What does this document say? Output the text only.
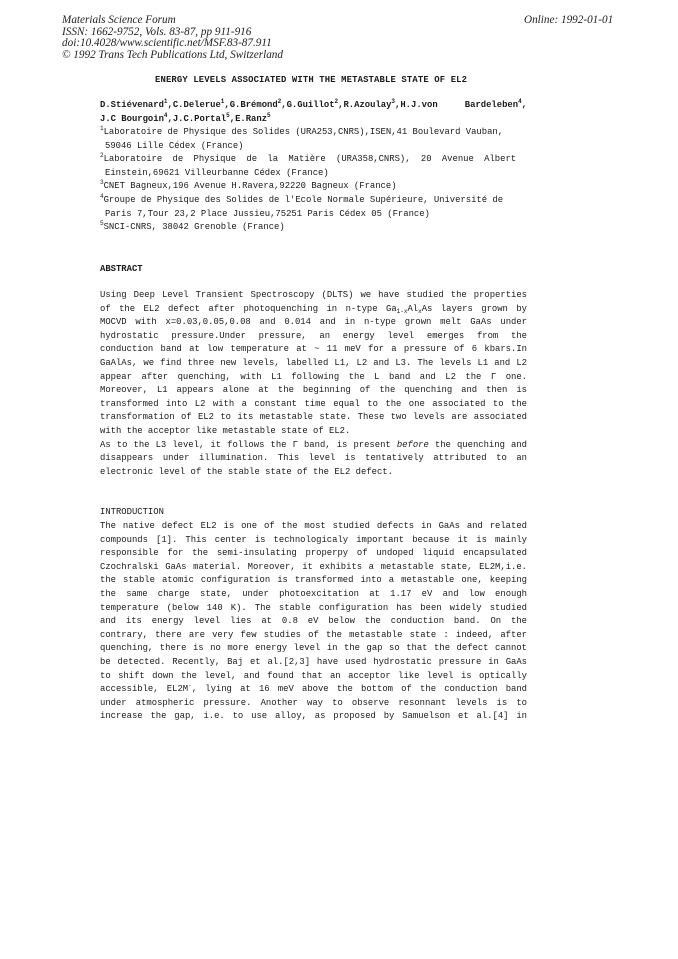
Materials Science Forum
ISSN: 1662-9752, Vols. 83-87, pp 911-916
doi:10.4028/www.scientific.net/MSF.83-87.911
© 1992 Trans Tech Publications Ltd, Switzerland
Online: 1992-01-01
ENERGY LEVELS ASSOCIATED WITH THE METASTABLE STATE OF EL2
D.Stiévenard$^1$,C.Delerue$^1$,G.Brémond$^2$,G.Guillot$^2$,R.Azoulay$^3$,H.J.von Bardeleben$^4$,
J.C Bourgoin$^4$,J.C.Portal$^5$,E.Ranz$^5$
$^1$Laboratoire de Physique des Solides (URA253,CNRS),ISEN,41 Boulevard Vauban,
59046 Lille Cédex (France)
$^2$Laboratoire de Physique de la Matière (URA358,CNRS), 20 Avenue Albert
Einstein,69621 Villeurbanne Cédex (France)
$^3$CNET Bagneux,196 Avenue H.Ravera,92220 Bagneux (France)
$^4$Groupe de Physique des Solides de l'Ecole Normale Supérieure, Université de
Paris 7,Tour 23,2 Place Jussieu,75251 Paris Cédex 05 (France)
$^5$SNCI-CNRS, 38042 Grenoble (France)
ABSTRACT
Using Deep Level Transient Spectroscopy (DLTS) we have studied the properties
of the EL2 defect after photoquenching in n-type $Ga_{1-x}Al_xAs$ layers grown by
MOCVD with x=0.03,0.05,0.08 and 0.014 and in n-type grown melt GaAs under
hydrostatic pressure.Under pressure, an energy level emerges from the
conduction band at low temperature at ~ 11 meV for a pressure of 6 kbars.In
GaAlAs, we find three new levels, labelled L1, L2 and L3. The levels L1 and L2
appear after quenching, with L1 following the L band and L2 the Γ one.
Moreover, L1 appears alone at the beginning of the quenching and then is
transformed into L2 with a constant time equal to the one associated to the
transformation of EL2 to its metastable state. These two levels are associated
with the acceptor like metastable state of EL2.
As to the L3 level, it follows the Γ band, is present before the quenching and
disappears under illumination. This level is tentatively attributed to an
electronic level of the stable state of the EL2 defect.
INTRODUCTION
The native defect EL2 is one of the most studied defects in GaAs and related
compounds [1]. This center is technologicaly important because it is mainly
responsible for the semi-insulating properpy of undoped liquid encapsulated
Czochralski GaAs material. Moreover, it exhibits a metastable state, EL2M,i.e.
the stable atomic configuration is transformed into a metastable one, keeping
the same charge state, under photoexcitation at 1.17 eV and low enough
temperature (below 140 K). The stable configuration has been widely studied
and its energy level lies at 0.8 eV below the conduction band. On the
contrary, there are very few studies of the metastable state : indeed, after
quenching, there is no more energy level in the gap so that the defect cannot
be detected. Recently, Baj et al.[2,3] have used hydrostatic pressure in GaAs
to shift down the level, and found that an acceptor like level is optically
accessible, EL2M-, lying at 16 meV above the bottom of the conduction band
under atmospheric pressure. Another way to observe resonnant levels is to
increase the gap, i.e. to use alloy, as proposed by Samuelson et al.[4] in
